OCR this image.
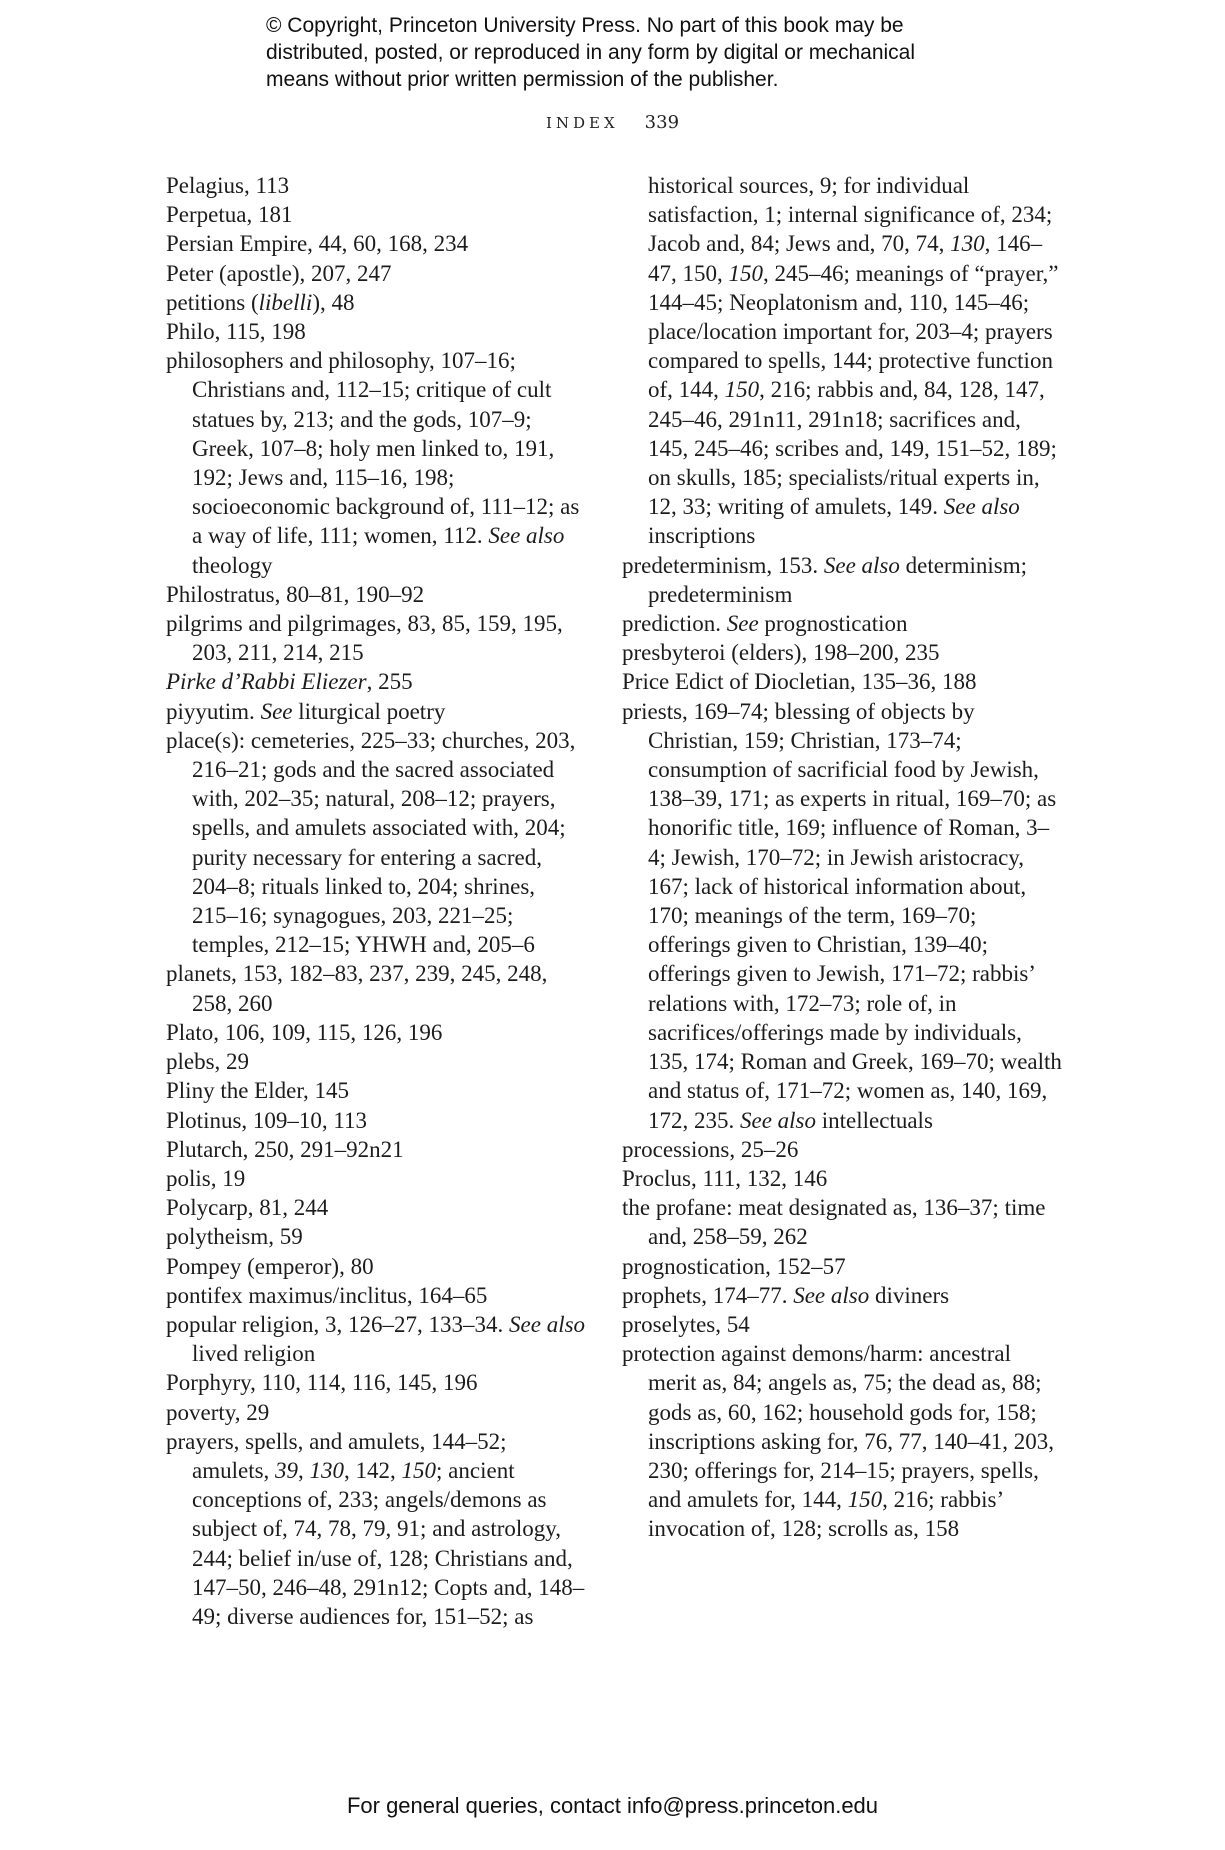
© Copyright, Princeton University Press. No part of this book may be
distributed, posted, or reproduced in any form by digital or mechanical
means without prior written permission of the publisher.
INDEX 339
Pelagius, 113
Perpetua, 181
Persian Empire, 44, 60, 168, 234
Peter (apostle), 207, 247
petitions (libelli), 48
Philo, 115, 198
philosophers and philosophy, 107–16; Christians and, 112–15; critique of cult statues by, 213; and the gods, 107–9; Greek, 107–8; holy men linked to, 191, 192; Jews and, 115–16, 198; socioeconomic background of, 111–12; as a way of life, 111; women, 112. See also theology
Philostratus, 80–81, 190–92
pilgrims and pilgrimages, 83, 85, 159, 195, 203, 211, 214, 215
Pirke d’Rabbi Eliezer, 255
piyyutim. See liturgical poetry
place(s): cemeteries, 225–33; churches, 203, 216–21; gods and the sacred associated with, 202–35; natural, 208–12; prayers, spells, and amulets associated with, 204; purity necessary for entering a sacred, 204–8; rituals linked to, 204; shrines, 215–16; synagogues, 203, 221–25; temples, 212–15; YHWH and, 205–6
planets, 153, 182–83, 237, 239, 245, 248, 258, 260
Plato, 106, 109, 115, 126, 196
plebs, 29
Pliny the Elder, 145
Plotinus, 109–10, 113
Plutarch, 250, 291–92n21
polis, 19
Polycarp, 81, 244
polytheism, 59
Pompey (emperor), 80
pontifex maximus/inclitus, 164–65
popular religion, 3, 126–27, 133–34. See also lived religion
Porphyry, 110, 114, 116, 145, 196
poverty, 29
prayers, spells, and amulets, 144–52; amulets, 39, 130, 142, 150; ancient conceptions of, 233; angels/demons as subject of, 74, 78, 79, 91; and astrology, 244; belief in/use of, 128; Christians and, 147–50, 246–48, 291n12; Copts and, 148–49; diverse audiences for, 151–52; as
historical sources, 9; for individual satisfaction, 1; internal significance of, 234; Jacob and, 84; Jews and, 70, 74, 130, 146–47, 150, 150, 245–46; meanings of “prayer,” 144–45; Neoplatonism and, 110, 145–46; place/location important for, 203–4; prayers compared to spells, 144; protective function of, 144, 150, 216; rabbis and, 84, 128, 147, 245–46, 291n11, 291n18; sacrifices and, 145, 245–46; scribes and, 149, 151–52, 189; on skulls, 185; specialists/ritual experts in, 12, 33; writing of amulets, 149. See also inscriptions
predeterminism, 153. See also determinism; predeterminism
prediction. See prognostication
presbyteroi (elders), 198–200, 235
Price Edict of Diocletian, 135–36, 188
priests, 169–74; blessing of objects by Christian, 159; Christian, 173–74; consumption of sacrificial food by Jewish, 138–39, 171; as experts in ritual, 169–70; as honorific title, 169; influence of Roman, 3–4; Jewish, 170–72; in Jewish aristocracy, 167; lack of historical information about, 170; meanings of the term, 169–70; offerings given to Christian, 139–40; offerings given to Jewish, 171–72; rabbis’ relations with, 172–73; role of, in sacrifices/offerings made by individuals, 135, 174; Roman and Greek, 169–70; wealth and status of, 171–72; women as, 140, 169, 172, 235. See also intellectuals
processions, 25–26
Proclus, 111, 132, 146
the profane: meat designated as, 136–37; time and, 258–59, 262
prognostication, 152–57
prophets, 174–77. See also diviners
proselytes, 54
protection against demons/harm: ancestral merit as, 84; angels as, 75; the dead as, 88; gods as, 60, 162; household gods for, 158; inscriptions asking for, 76, 77, 140–41, 203, 230; offerings for, 214–15; prayers, spells, and amulets for, 144, 150, 216; rabbis’ invocation of, 128; scrolls as, 158
For general queries, contact info@press.princeton.edu
